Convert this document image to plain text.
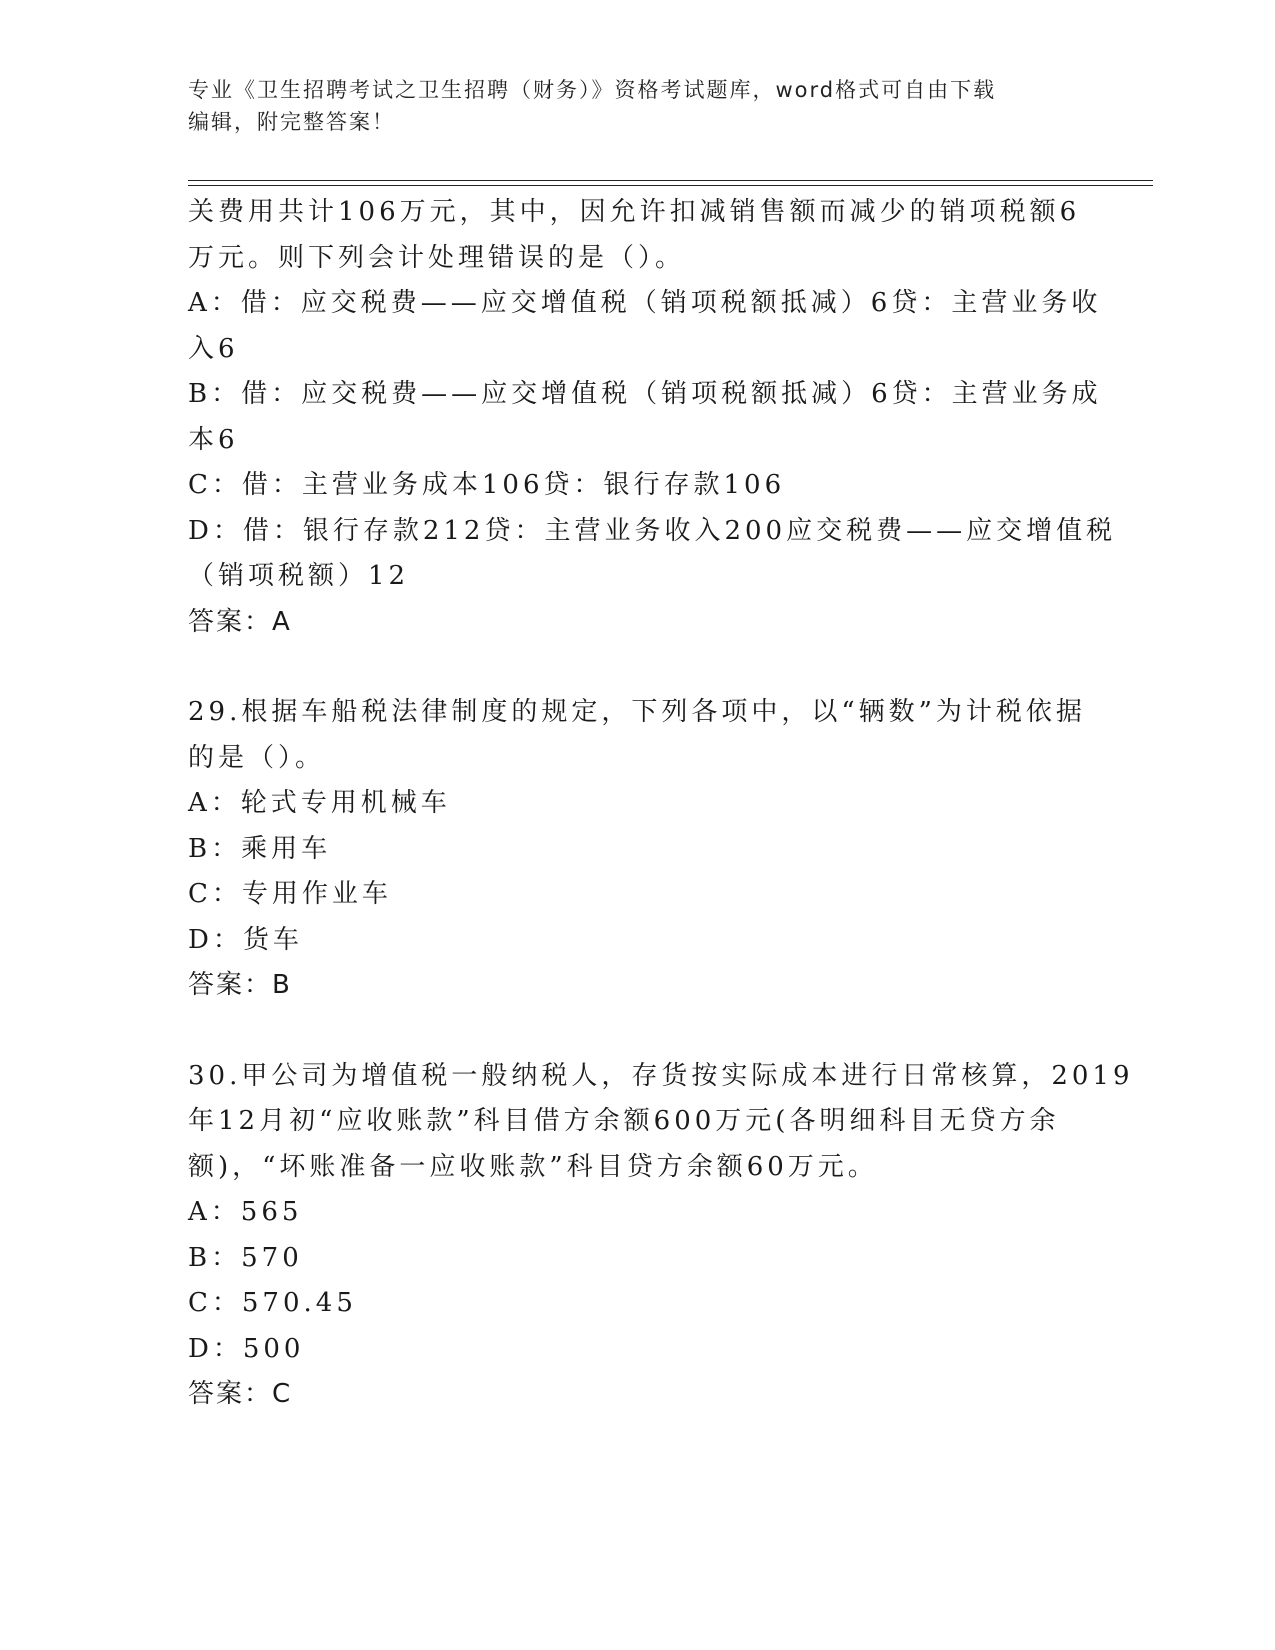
专业《卫生招聘考试之卫生招聘（财务）》资格考试题库，word格式可自由下载
编辑，附完整答案！
关费用共计106万元，其中，因允许扣减销售额而减少的销项税额6
万元。则下列会计处理错误的是（）。
A：借：应交税费——应交增值税（销项税额抵减）6贷：主营业务收
入6
B：借：应交税费——应交增值税（销项税额抵减）6贷：主营业务成
本6
C：借：主营业务成本106贷：银行存款106
D：借：银行存款212贷：主营业务收入200应交税费——应交增值税
（销项税额）12
答案：A
29.根据车船税法律制度的规定，下列各项中，以“辆数”为计税依据
的是（）。
A：轮式专用机械车
B：乘用车
C：专用作业车
D：货车
答案：B
30.甲公司为增值税一般纳税人，存货按实际成本进行日常核算，2019
年12月初“应收账款”科目借方余额600万元(各明细科目无贷方余
额)，“坏账准备一应收账款”科目贷方余额60万元。
A：565
B：570
C：570.45
D：500
答案：C
